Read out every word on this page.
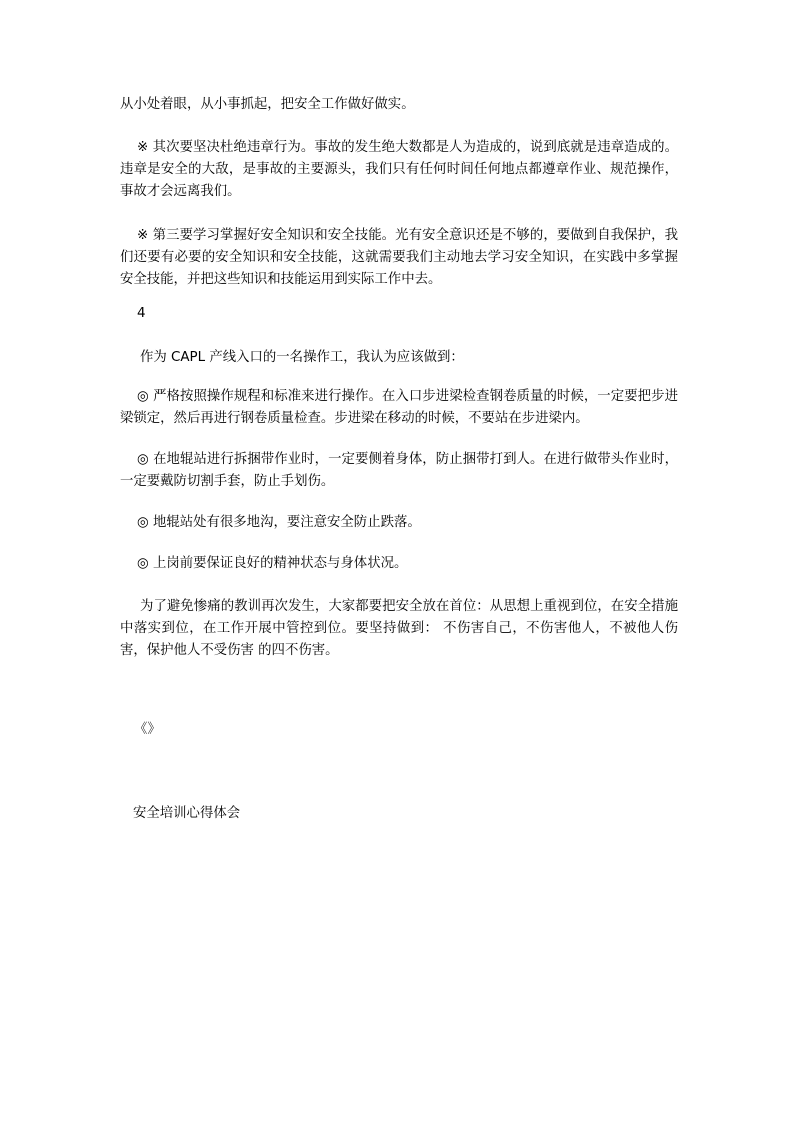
从小处着眼，从小事抓起，把安全工作做好做实。

※ 其次要坚决杜绝违章行为。事故的发生绝大数都是人为造成的，说到底就是违章造成的。违章是安全的大敌，是事故的主要源头，我们只有任何时间任何地点都遵章作业、规范操作，事故才会远离我们。

※ 第三要学习掌握好安全知识和安全技能。光有安全意识还是不够的，要做到自我保护，我们还要有必要的安全知识和安全技能，这就需要我们主动地去学习安全知识，在实践中多掌握安全技能，并把这些知识和技能运用到实际工作中去。

4

作为 CAPL 产线入口的一名操作工，我认为应该做到：

◎ 严格按照操作规程和标准来进行操作。在入口步进梁检查钢卷质量的时候，一定要把步进梁锁定，然后再进行钢卷质量检查。步进梁在移动的时候，不要站在步进梁内。

◎ 在地辊站进行拆捆带作业时，一定要侧着身体，防止捆带打到人。在进行做带头作业时，一定要戴防切割手套，防止手划伤。

◎ 地辊站处有很多地沟，要注意安全防止跌落。

◎ 上岗前要保证良好的精神状态与身体状况。

为了避免惨痛的教训再次发生，大家都要把安全放在首位：从思想上重视到位，在安全措施中落实到位，在工作开展中管控到位。要坚持做到： 不伤害自己，不伤害他人，不被他人伤害，保护他人不受伤害 的四不伤害。

《》

安全培训心得体会
